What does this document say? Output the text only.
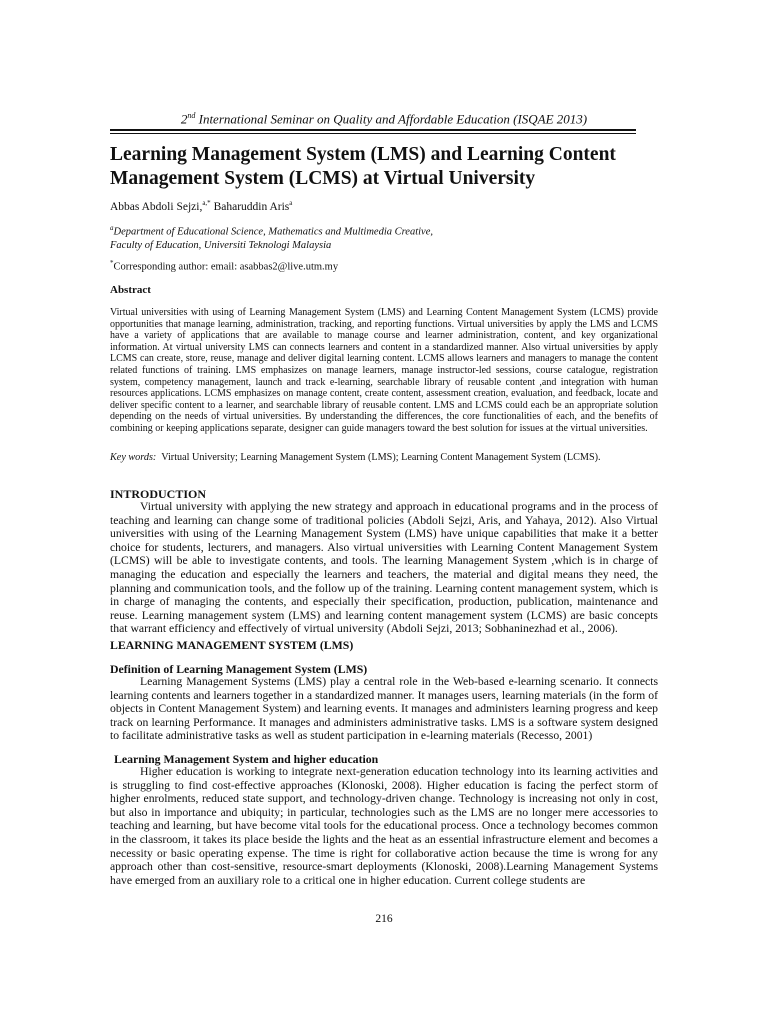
2nd International Seminar on Quality and Affordable Education (ISQAE 2013)
Learning Management System (LMS) and Learning Content Management System (LCMS) at Virtual University
Abbas Abdoli Sejzi,$^{a,*}$ Baharuddin Aris$^a$
$^a$Department of Educational Science, Mathematics and Multimedia Creative,
Faculty of Education, Universiti Teknologi Malaysia
*Corresponding author: email: asabbas2@live.utm.my
Abstract

Virtual universities with using of Learning Management System (LMS) and Learning Content Management System (LCMS) provide opportunities that manage learning, administration, tracking, and reporting functions. Virtual universities by apply the LMS and LCMS have a variety of applications that are available to manage course and learner administration, content, and key organizational information. At virtual university LMS can connects learners and content in a standardized manner. Also virtual universities by apply LCMS can create, store, reuse, manage and deliver digital learning content. LCMS allows learners and managers to manage the content related functions of training. LMS emphasizes on manage learners, manage instructor-led sessions, course catalogue, registration system, competency management, launch and track e-learning, searchable library of reusable content ,and integration with human resources applications. LCMS emphasizes on manage content, create content, assessment creation, evaluation, and feedback, locate and deliver specific content to a learner, and searchable library of reusable content. LMS and LCMS could each be an appropriate solution depending on the needs of virtual universities. By understanding the differences, the core functionalities of each, and the benefits of combining or keeping applications separate, designer can guide managers toward the best solution for issues at the virtual universities.

Key words: Virtual University; Learning Management System (LMS); Learning Content Management System (LCMS).
INTRODUCTION

Virtual university with applying the new strategy and approach in educational programs and in the process of teaching and learning can change some of traditional policies (Abdoli Sejzi, Aris, and Yahaya, 2012). Also Virtual universities with using of the Learning Management System (LMS) have unique capabilities that make it a better choice for students, lecturers, and managers. Also virtual universities with Learning Content Management System (LCMS) will be able to investigate contents, and tools. The learning Management System ,which is in charge of managing the education and especially the learners and teachers, the material and digital means they need, the planning and communication tools, and the follow up of the training. Learning content management system, which is in charge of managing the contents, and especially their specification, production, publication, maintenance and reuse. Learning management system (LMS) and learning content management system (LCMS) are basic concepts that warrant efficiency and effectively of virtual university (Abdoli Sejzi, 2013; Sobhaninezhad et al., 2006).

LEARNING MANAGEMENT SYSTEM (LMS)
Definition of Learning Management System (LMS)

Learning Management Systems (LMS) play a central role in the Web-based e-learning scenario. It connects learning contents and learners together in a standardized manner. It manages users, learning materials (in the form of objects in Content Management System) and learning events. It manages and administers learning progress and keep track on learning Performance. It manages and administers administrative tasks. LMS is a software system designed to facilitate administrative tasks as well as student participation in e-learning materials (Recesso, 2001)

Learning Management System and higher education

Higher education is working to integrate next-generation education technology into its learning activities and is struggling to find cost-effective approaches (Klonoski, 2008). Higher education is facing the perfect storm of higher enrolments, reduced state support, and technology-driven change. Technology is increasing not only in cost, but also in importance and ubiquity; in particular, technologies such as the LMS are no longer mere accessories to teaching and learning, but have become vital tools for the educational process. Once a technology becomes common in the classroom, it takes its place beside the lights and the heat as an essential infrastructure element and becomes a necessity or basic operating expense. The time is right for collaborative action because the time is wrong for any approach other than cost-sensitive, resource-smart deployments (Klonoski, 2008).Learning Management Systems have emerged from an auxiliary role to a critical one in higher education. Current college students are

216
